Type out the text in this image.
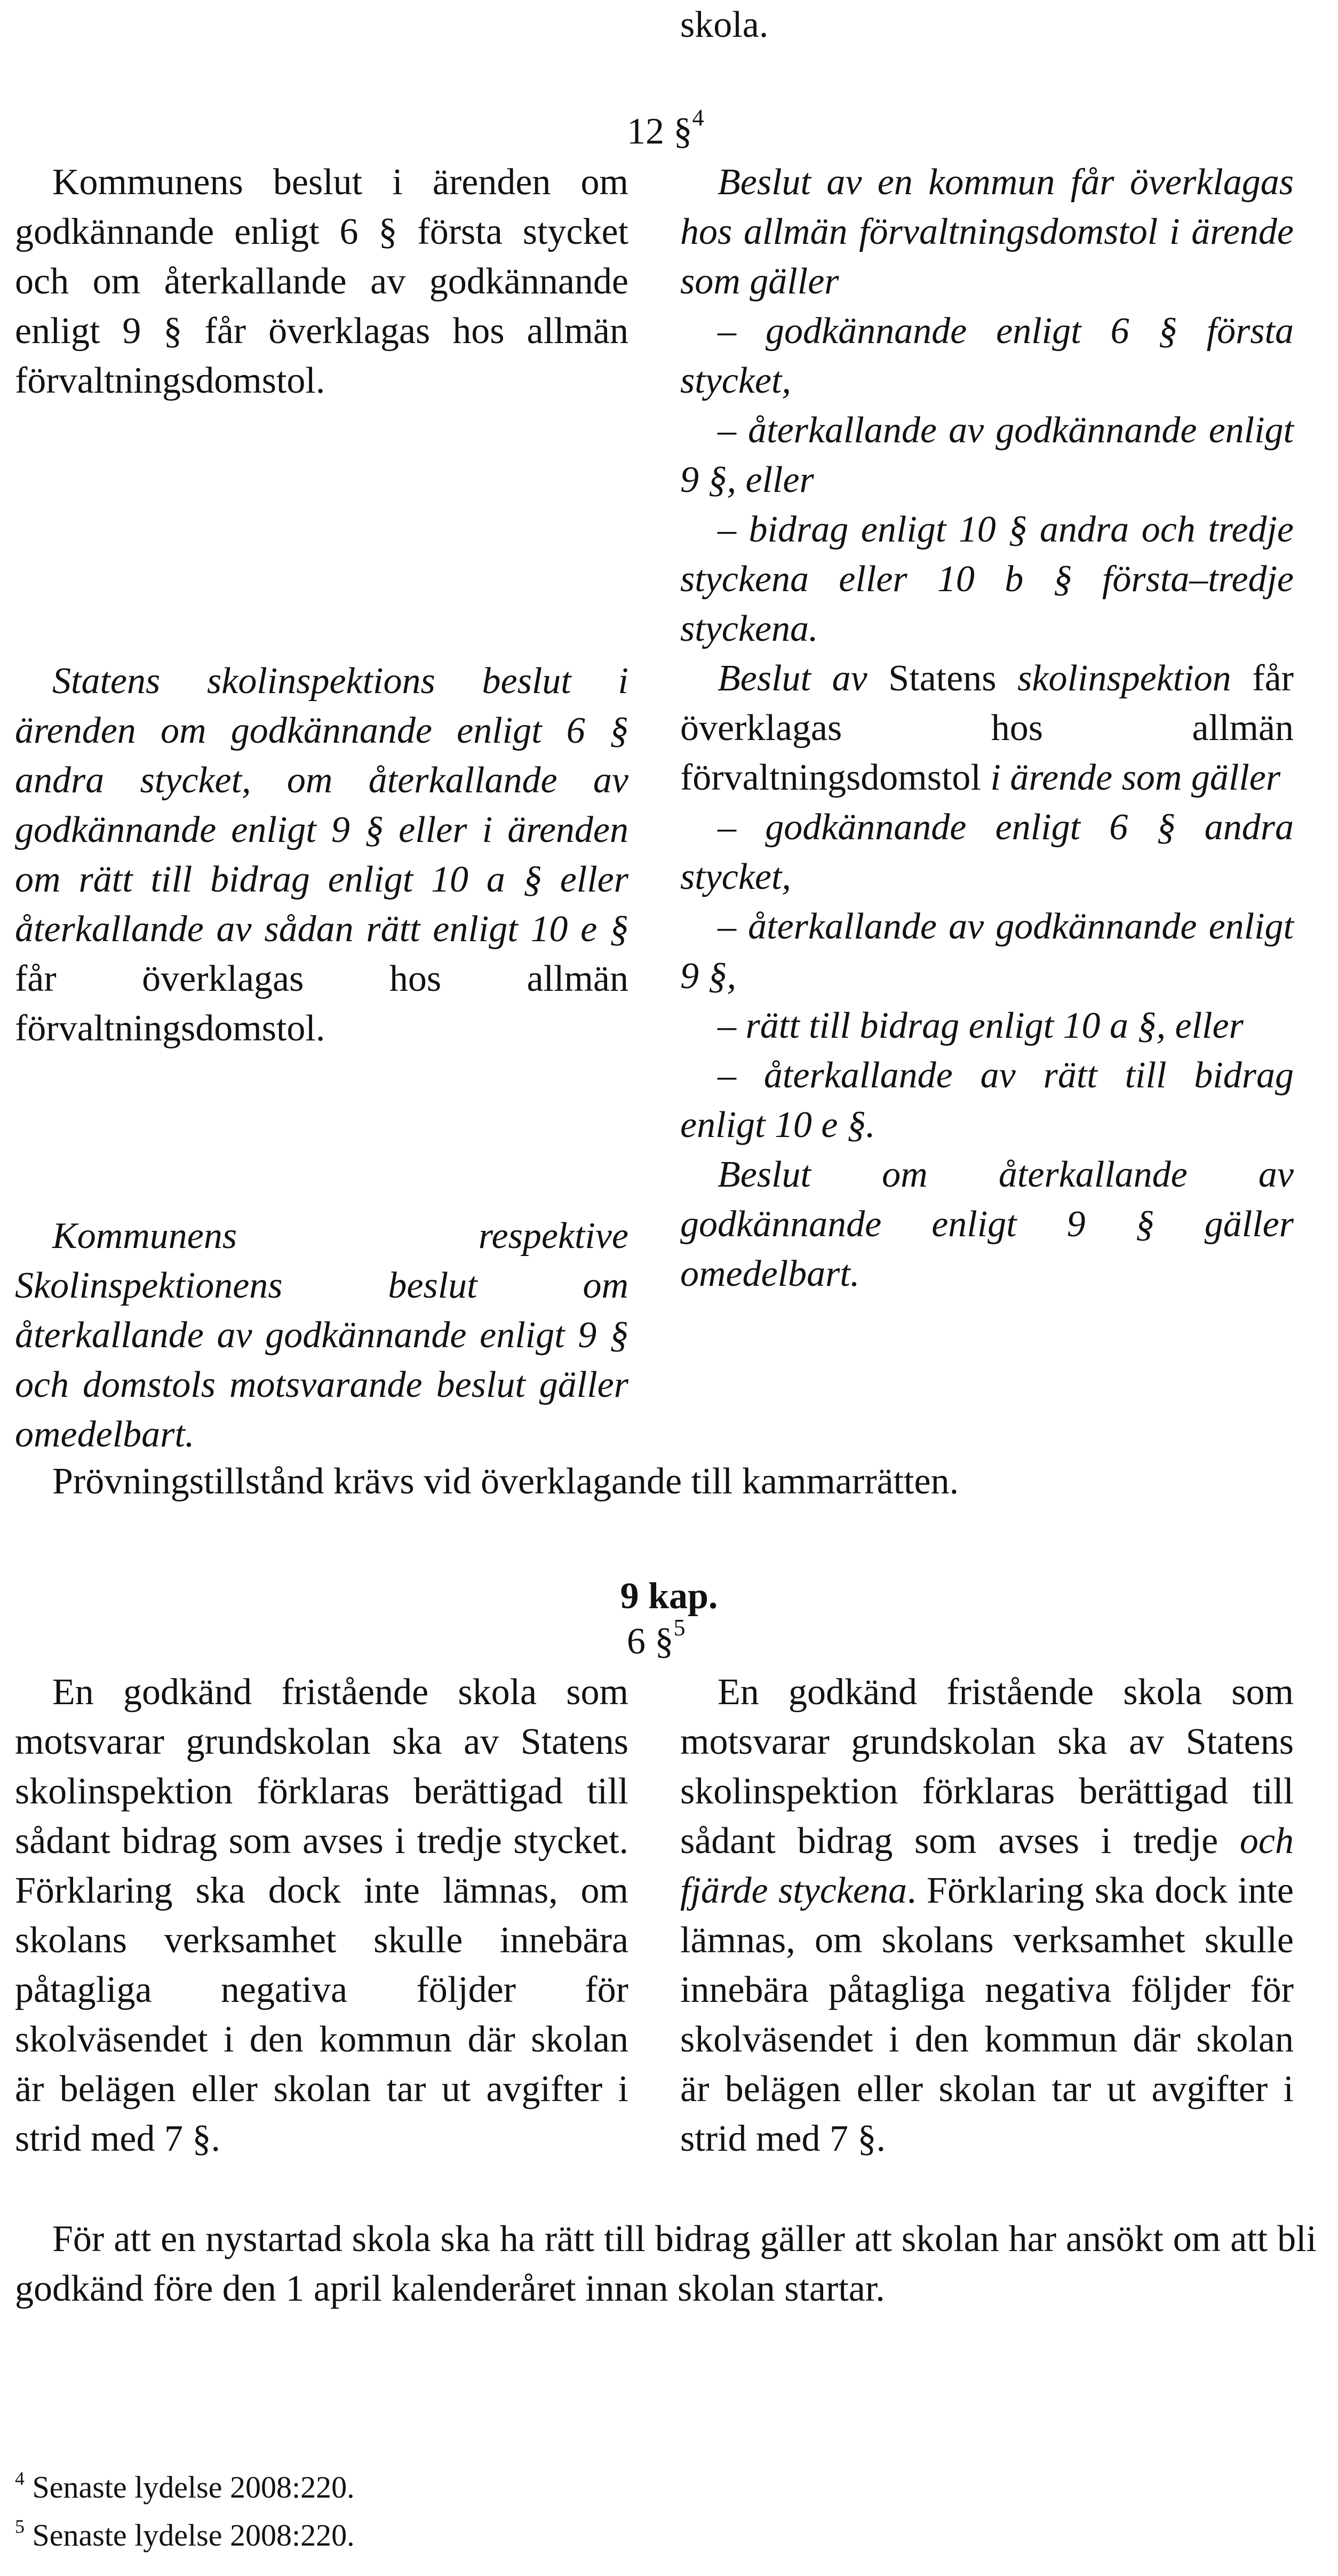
skola.
12 §$^4$

Kommunens beslut i ärenden om godkännande enligt 6 § första stycket och om återkallande av godkännande enligt 9 § får överklagas hos allmän förvaltningsdomstol.

Statens skolinspektions beslut i ärenden om godkännande enligt 6 § andra stycket, om återkallande av godkännande enligt 9 § eller i ärenden om rätt till bidrag enligt 10 a § eller återkallande av sådan rätt enligt 10 e § får överklagas hos allmän förvaltningsdomstol.

Kommunens respektive Skolinspektionens beslut om återkallande av godkännande enligt 9 § och domstols motsvarande beslut gäller omedelbart.

Beslut av en kommun får överklagas hos allmän förvaltningsdomstol i ärende som gäller

– godkännande enligt 6 § första stycket,

– återkallande av godkännande enligt 9 §, eller

– bidrag enligt 10 § andra och tredje styckena eller 10 b § första–tredje styckena.

Beslut av Statens skolinspektion får överklagas hos allmän förvaltningsdomstol i ärende som gäller

– godkännande enligt 6 § andra stycket,

– återkallande av godkännande enligt 9 §,

– rätt till bidrag enligt 10 a §, eller

– återkallande av rätt till bidrag enligt 10 e §.

Beslut om återkallande av godkännande enligt 9 § gäller omedelbart.

Prövningstillstånd krävs vid överklagande till kammarrätten.
9 kap.
6 §$^5$

En godkänd fristående skola som motsvarar grundskolan ska av Statens skolinspektion förklaras berättigad till sådant bidrag som avses i tredje stycket. Förklaring ska dock inte lämnas, om skolans verksamhet skulle innebära påtagliga negativa följder för skolväsendet i den kommun där skolan är belägen eller skolan tar ut avgifter i strid med 7 §.

En godkänd fristående skola som motsvarar grundskolan ska av Statens skolinspektion förklaras berättigad till sådant bidrag som avses i tredje och fjärde styckena. Förklaring ska dock inte lämnas, om skolans verksamhet skulle innebära påtagliga negativa följder för skolväsendet i den kommun där skolan är belägen eller skolan tar ut avgifter i strid med 7 §.

För att en nystartad skola ska ha rätt till bidrag gäller att skolan har ansökt om att bli godkänd före den 1 april kalenderåret innan skolan startar.

$^4$ Senaste lydelse 2008:220.
$^5$ Senaste lydelse 2008:220.
